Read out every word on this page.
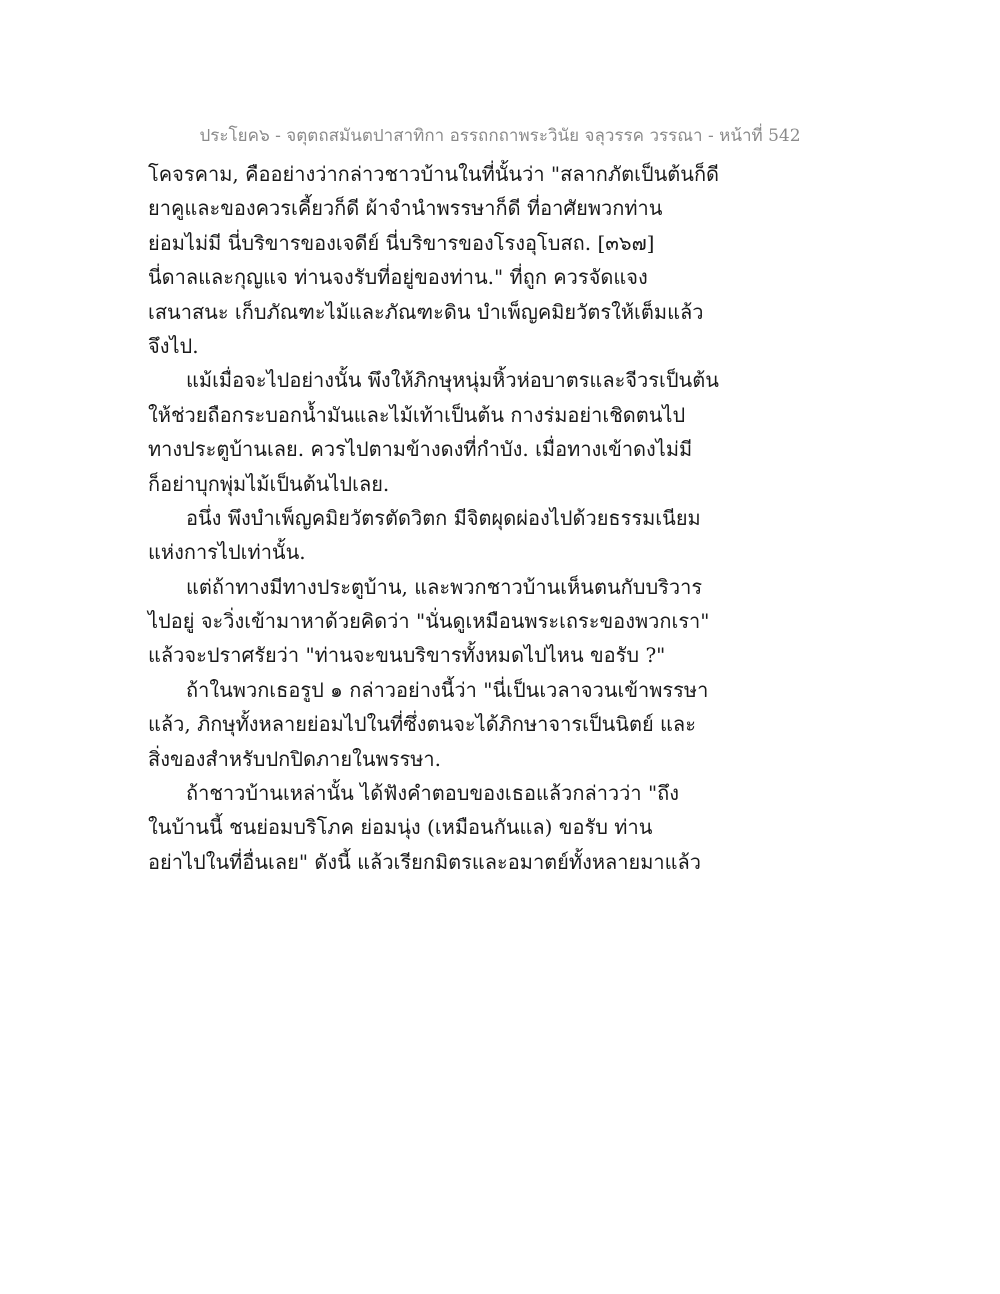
ประโยค๖ - จตุตถสมันตปาสาทิกา อรรถกถาพระวินัย จลุวรรค วรรณา - หน้าที่ 542
โคจรคาม, คืออย่างว่ากล่าวชาวบ้านในที่นั้นว่า "สลากภัตเป็นต้นก็ดี
ยาคูและของควรเคี้ยวก็ดี ผ้าจำนำพรรษาก็ดี ที่อาศัยพวกท่าน
ย่อมไม่มี นี่บริขารของเจดีย์ นี่บริขารของโรงอุโบสถ. [๓๖๗]
นี่ดาลและกุญแจ ท่านจงรับที่อยู่ของท่าน." ที่ถูก ควรจัดแจง
เสนาสนะ เก็บภัณฑะไม้และภัณฑะดิน บำเพ็ญคมิยวัตรให้เต็มแล้ว
จึงไป.
แม้เมื่อจะไปอย่างนั้น พึงให้ภิกษุหนุ่มหิ้วห่อบาตรและจีวรเป็นต้น
ให้ช่วยถือกระบอกน้ำมันและไม้เท้าเป็นต้น กางร่มอย่าเชิดตนไป
ทางประตูบ้านเลย. ควรไปตามข้างดงที่กำบัง. เมื่อทางเข้าดงไม่มี
ก็อย่าบุกพุ่มไม้เป็นต้นไปเลย.
อนึ่ง พึงบำเพ็ญคมิยวัตรตัดวิตก มีจิตผุดผ่องไปด้วยธรรมเนียม
แห่งการไปเท่านั้น.
แต่ถ้าทางมีทางประตูบ้าน, และพวกชาวบ้านเห็นตนกับบริวาร
ไปอยู่ จะวิ่งเข้ามาหาด้วยคิดว่า "นั่นดูเหมือนพระเถระของพวกเรา"
แล้วจะปราศรัยว่า "ท่านจะขนบริขารทั้งหมดไปไหน ขอรับ ?"
ถ้าในพวกเธอรูป ๑ กล่าวอย่างนี้ว่า "นี่เป็นเวลาจวนเข้าพรรษา
แล้ว, ภิกษุทั้งหลายย่อมไปในที่ซึ่งตนจะได้ภิกษาจารเป็นนิตย์ และ
สิ่งของสำหรับปกปิดภายในพรรษา.
ถ้าชาวบ้านเหล่านั้น ได้ฟังคำตอบของเธอแล้วกล่าวว่า "ถึง
ในบ้านนี้ ชนย่อมบริโภค ย่อมนุ่ง (เหมือนกันแล) ขอรับ ท่าน
อย่าไปในที่อื่นเลย" ดังนี้ แล้วเรียกมิตรและอมาตย์ทั้งหลายมาแล้ว
